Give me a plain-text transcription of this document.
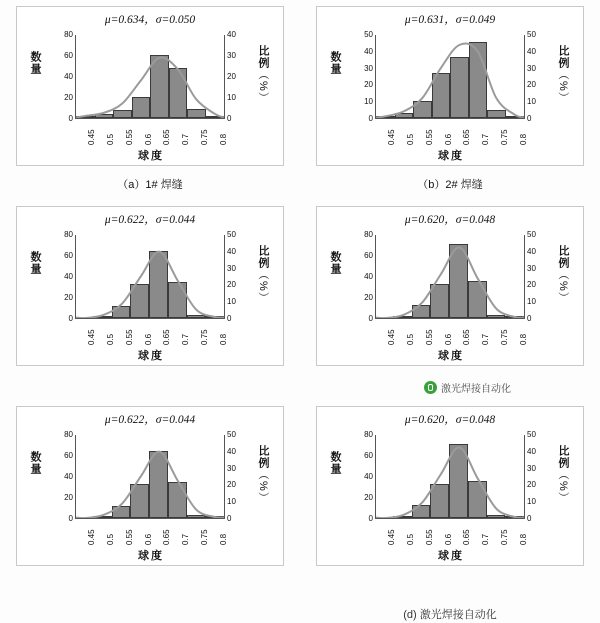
μ=0.634，σ=0.050
数量
0
20
40
60
80
0
10
20
30
40
比例（%）
0.45 0.5 0.55 0.6 0.65 0.7 0.75 0.8
球度
（a）1# 焊缝
μ=0.631，σ=0.049
数量
0
10
20
30
40
50
0
10
20
30
40
50
比例（%）
0.45 0.5 0.55 0.6 0.65 0.7 0.75 0.8
球度
（b）2# 焊缝
μ=0.622，σ=0.044
数量
0
20
40
60
80
0
10
20
30
40
50
比例（%）
0.45 0.5 0.55 0.6 0.65 0.7 0.75 0.8
球度
μ=0.620，σ=0.048
数量
0
20
40
60
80
0
10
20
30
40
50
比例（%）
0.45 0.5 0.55 0.6 0.65 0.7 0.75 0.8
球度
μ=0.622，σ=0.044
数量
0
20
40
60
80
0
10
20
30
40
50
比例（%）
0.45 0.5 0.55 0.6 0.65 0.7 0.75 0.8
球度
μ=0.620，σ=0.048
数量
0
20
40
60
80
0
10
20
30
40
50
比例（%）
0.45 0.5 0.55 0.6 0.65 0.7 0.75 0.8
球度
激光焊接自动化
(d) 激光焊接自动化
